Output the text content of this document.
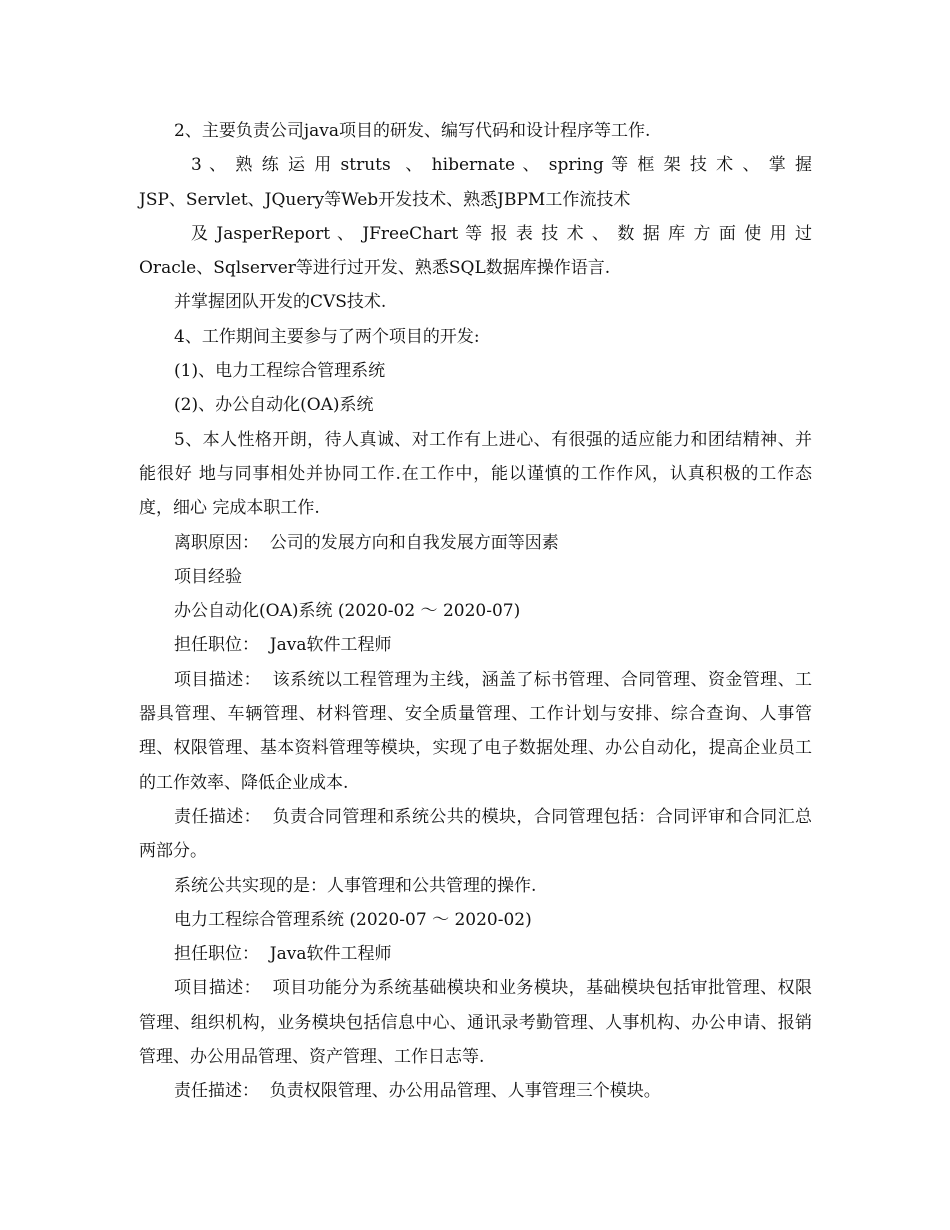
2、主要负责公司java项目的研发、编写代码和设计程序等工作.

3 、 熟 练 运 用 struts  、 hibernate 、 spring 等 框 架 技 术 、 掌 握

JSP、Servlet、JQuery等Web开发技术、熟悉JBPM工作流技术

及 JasperReport 、 JFreeChart 等 报 表 技 术 、 数 据 库 方 面 使 用 过

Oracle、Sqlserver等进行过开发、熟悉SQL数据库操作语言.

并掌握团队开发的CVS技术.

4、工作期间主要参与了两个项目的开发:

(1)、电力工程综合管理系统

(2)、办公自动化(OA)系统

5、本人性格开朗，待人真诚、对工作有上进心、有很强的适应能力和团结精神、并能很好 地与同事相处并协同工作.在工作中，能以谨慎的工作作风，认真积极的工作态度，细心 完成本职工作.

离职原因：  公司的发展方向和自我发展方面等因素

项目经验

办公自动化(OA)系统 (2020-02 ～ 2020-07)

担任职位：  Java软件工程师

项目描述：  该系统以工程管理为主线，涵盖了标书管理、合同管理、资金管理、工器具管理、车辆管理、材料管理、安全质量管理、工作计划与安排、综合查询、人事管理、权限管理、基本资料管理等模块，实现了电子数据处理、办公自动化，提高企业员工的工作效率、降低企业成本.

责任描述：  负责合同管理和系统公共的模块，合同管理包括：合同评审和合同汇总两部分。

系统公共实现的是：人事管理和公共管理的操作.

电力工程综合管理系统 (2020-07 ～ 2020-02)

担任职位：  Java软件工程师

项目描述：  项目功能分为系统基础模块和业务模块，基础模块包括审批管理、权限管理、组织机构，业务模块包括信息中心、通讯录考勤管理、人事机构、办公申请、报销管理、办公用品管理、资产管理、工作日志等.

责任描述：  负责权限管理、办公用品管理、人事管理三个模块。
